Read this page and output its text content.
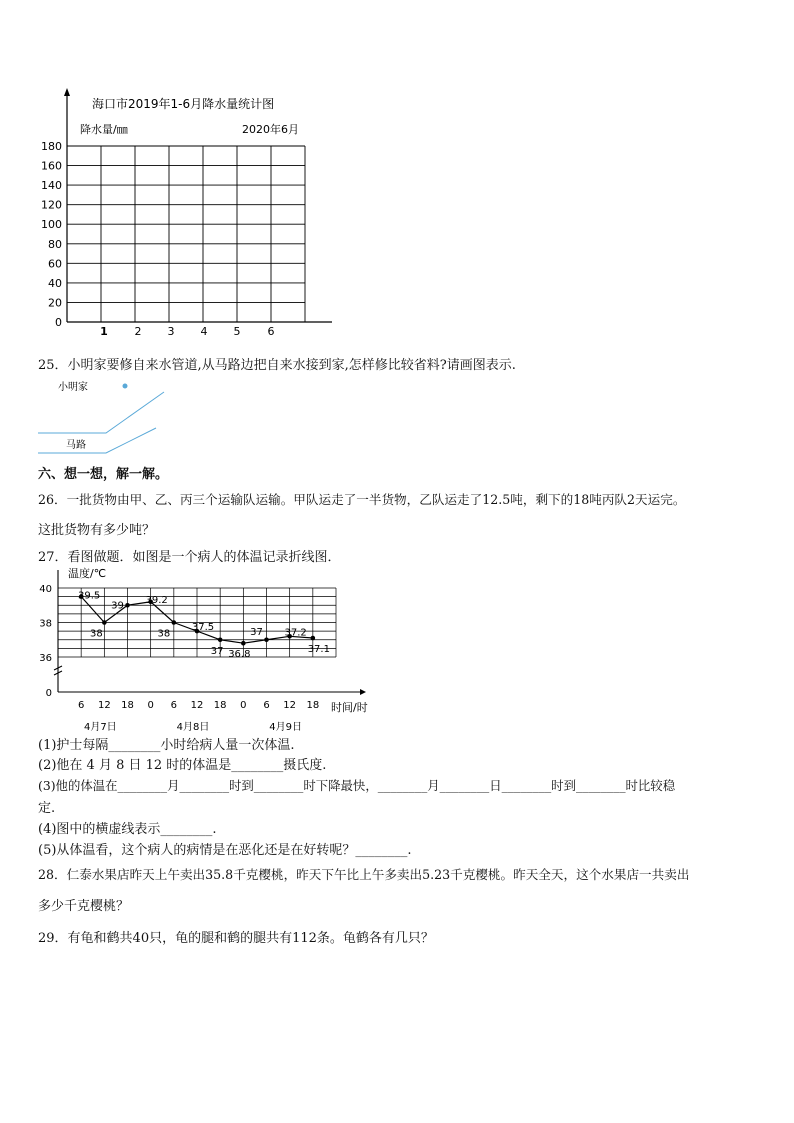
海口市2019年1-6月降水量统计图
降水量/㎜	2020年6月
180
160
140
120
100
80
60
40
20
0
1 2 3 4 5 6
25．小明家要修自来水管道,从马路边把自来水接到家,怎样修比较省料?请画图表示.
小明家
马路
六、想一想，解一解。
26．一批货物由甲、乙、丙三个运输队运输。甲队运走了一半货物，乙队运走了12.5吨，剩下的18吨丙队2天运完。
这批货物有多少吨？
27．看图做题．如图是一个病人的体温记录折线图．
温度/℃
40
38
36
0
6 12 18 0 6 12 18 0 6 12 18
4月7日	4月8日	4月9日
39.5
38
39 39.2
38
37.5
37 36.8
37 37.2
37.1
时间/时
(1)护士每隔________小时给病人量一次体温.
(2)他在 4 月 8 日 12 时的体温是________摄氏度.
(3)他的体温在________月________时到________时下降最快，________月________日________时到________时比较稳
定.
(4)图中的横虚线表示________.
(5)从体温看，这个病人的病情是在恶化还是在好转呢？________.
28．仁泰水果店昨天上午卖出35.8千克樱桃，昨天下午比上午多卖出5.23千克樱桃。昨天全天，这个水果店一共卖出
多少千克樱桃？
29．有龟和鹤共40只，龟的腿和鹤的腿共有112条。龟鹤各有几只？
